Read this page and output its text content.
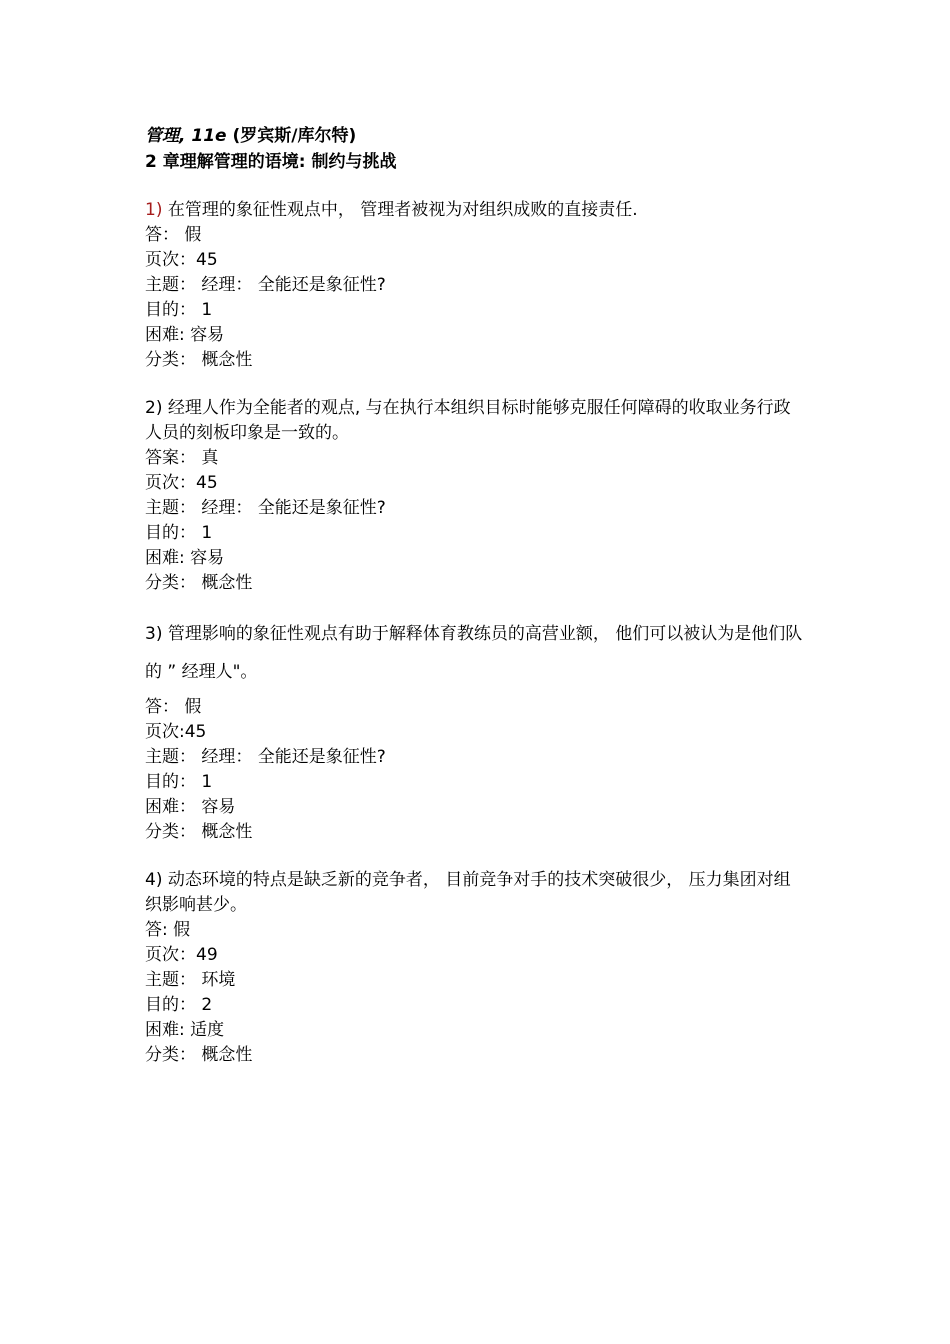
管理, 11e (罗宾斯/库尔特)
2 章理解管理的语境: 制约与挑战
1) 在管理的象征性观点中， 管理者被视为对组织成败的直接责任.
答： 假
页次：45
主题： 经理： 全能还是象征性?
目的： 1
困难: 容易
分类： 概念性
2) 经理人作为全能者的观点, 与在执行本组织目标时能够克服任何障碍的收取业务行政人员的刻板印象是一致的。
答案： 真
页次：45
主题： 经理： 全能还是象征性?
目的： 1
困难: 容易
分类： 概念性
3) 管理影响的象征性观点有助于解释体育教练员的高营业额， 他们可以被认为是他们队的 ” 经理人"。
答： 假
页次:45
主题： 经理： 全能还是象征性?
目的： 1
困难： 容易
分类： 概念性
4) 动态环境的特点是缺乏新的竞争者， 目前竞争对手的技术突破很少， 压力集团对组织影响甚少。
答: 假
页次：49
主题： 环境
目的： 2
困难: 适度
分类： 概念性
